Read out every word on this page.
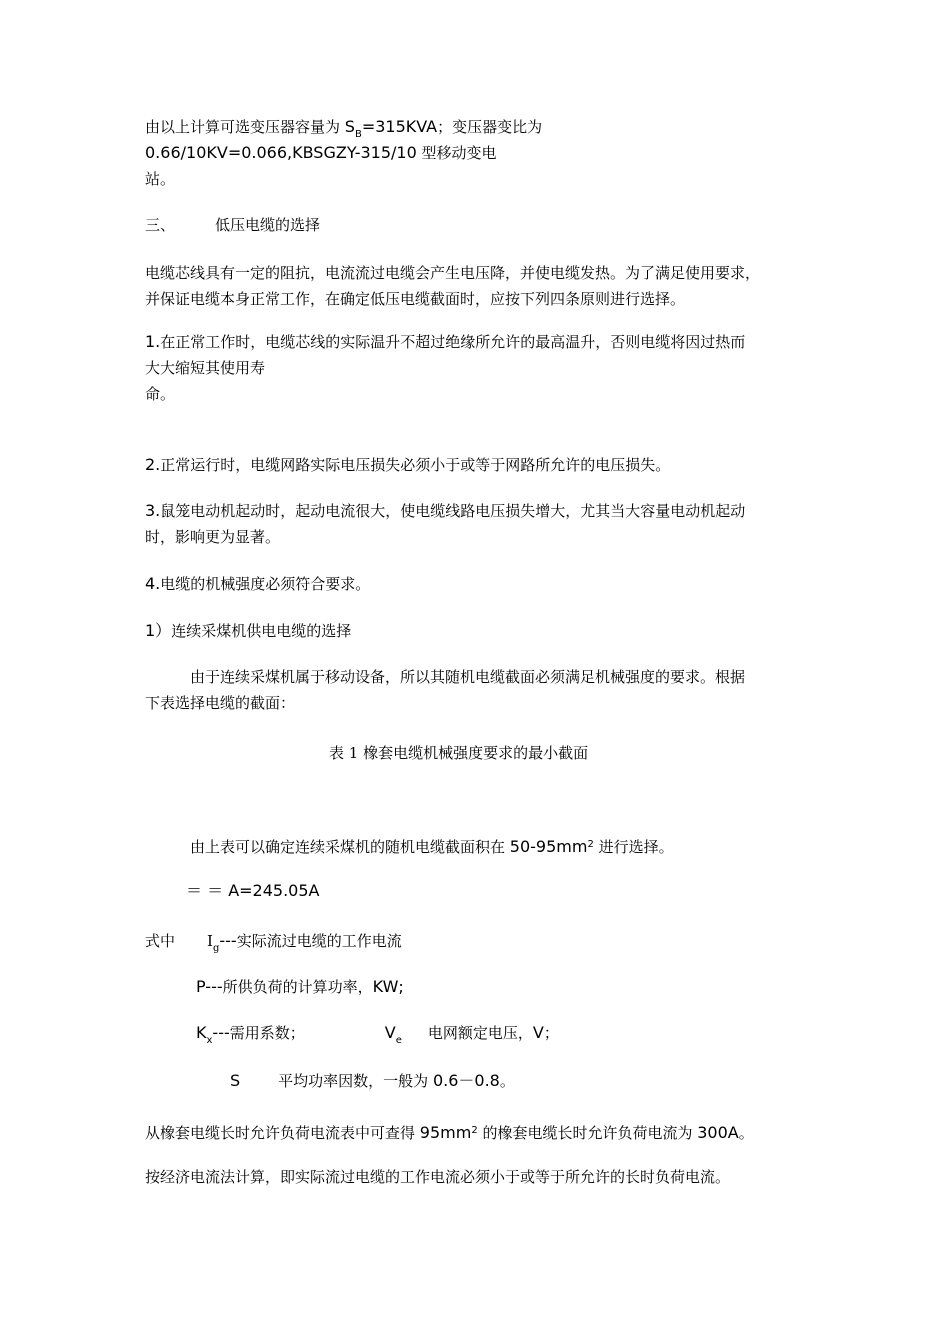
由以上计算可选变压器容量为 $S_B=315KVA$；变压器变比为
0.66/10KV=0.066,KBSGZY-315/10 型移动变电
站。
三、	低压电缆的选择
电缆芯线具有一定的阻抗，电流流过电缆会产生电压降，并使电缆发热。为了满足使用要求，
并保证电缆本身正常工作，在确定低压电缆截面时，应按下列四条原则进行选择。
1.在正常工作时，电缆芯线的实际温升不超过绝缘所允许的最高温升，否则电缆将因过热而
大大缩短其使用寿
命。
2.正常运行时，电缆网路实际电压损失必须小于或等于网路所允许的电压损失。
3.鼠笼电动机起动时，起动电流很大，使电缆线路电压损失增大，尤其当大容量电动机起动
时，影响更为显著。
4.电缆的机械强度必须符合要求。
1）连续采煤机供电电缆的选择
由于连续采煤机属于移动设备，所以其随机电缆截面必须满足机械强度的要求。根据
下表选择电缆的截面：
表 1 橡套电缆机械强度要求的最小截面
由上表可以确定连续采煤机的随机电缆截面积在 $50-95mm^2$ 进行选择。
＝ ＝ A=245.05A
式中 $I_g---$实际流过电缆的工作电流
P---所供负荷的计算功率，KW;
$K_x---$需用系数；	$V_e$ 电网额定电压，V；
S	平均功率因数，一般为 0.6－0.8。
从橡套电缆长时允许负荷电流表中可查得 $95mm^2$ 的橡套电缆长时允许负荷电流为 300A。
按经济电流法计算，即实际流过电缆的工作电流必须小于或等于所允许的长时负荷电流。
